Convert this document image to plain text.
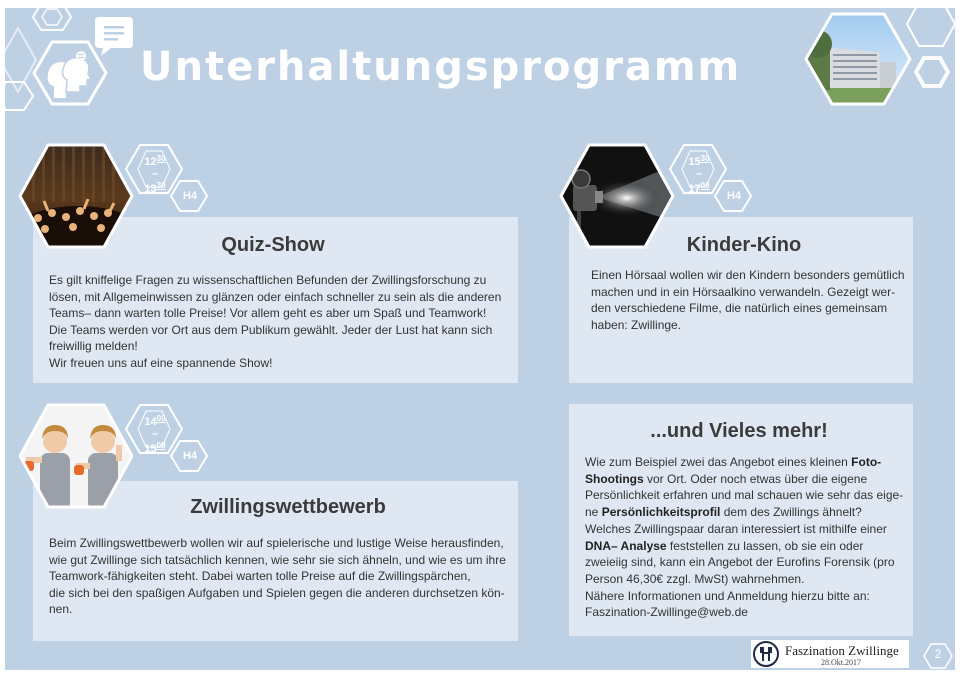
Unterhaltungsprogramm
Quiz-Show

Es gilt kniffelige Fragen zu wissenschaftlichen Befunden der Zwillingsforschung zu
lösen, mit Allgemeinwissen zu glänzen oder einfach schneller zu sein als die anderen
Teams– dann warten tolle Preise! Vor allem geht es aber um Spaß und Teamwork!
Die Teams werden vor Ort aus dem Publikum gewählt. Jeder der Lust hat kann sich
freiwillig melden!
Wir freuen uns auf eine spannende Show!

$12^{30}$
–
$13^{30}$
H4
Kinder-Kino

Einen Hörsaal wollen wir den Kindern besonders gemütlich
machen und in ein Hörsaalkino verwandeln. Gezeigt wer-
den verschiedene Filme, die natürlich eines gemeinsam
haben: Zwillinge.

$15^{30}$
–
$17^{00}$
H4
Zwillingswettbewerb

Beim Zwillingswettbewerb wollen wir auf spielerische und lustige Weise herausfinden,
wie gut Zwillinge sich tatsächlich kennen, wie sehr sie sich ähneln, und wie es um ihre
Teamwork-fähigkeiten steht. Dabei warten tolle Preise auf die Zwillingspärchen,
die sich bei den spaßigen Aufgaben und Spielen gegen die anderen durchsetzen kön-
nen.

$14^{00}$
–
$15^{00}$
H4
...und Vieles mehr!

Wie zum Beispiel zwei das Angebot eines kleinen Foto-
Shootings vor Ort. Oder noch etwas über die eigene
Persönlichkeit erfahren und mal schauen wie sehr das eige-
ne Persönlichkeitsprofil dem des Zwillings ähnelt?
Welches Zwillingspaar daran interessiert ist mithilfe einer
DNA– Analyse feststellen zu lassen, ob sie ein oder
zweieiig sind, kann ein Angebot der Eurofins Forensik (pro
Person 46,30€ zzgl. MwSt) wahrnehmen.
Nähere Informationen und Anmeldung hierzu bitte an:
Faszination-Zwillinge@web.de

Faszination Zwillinge
28.Okt.2017
2
